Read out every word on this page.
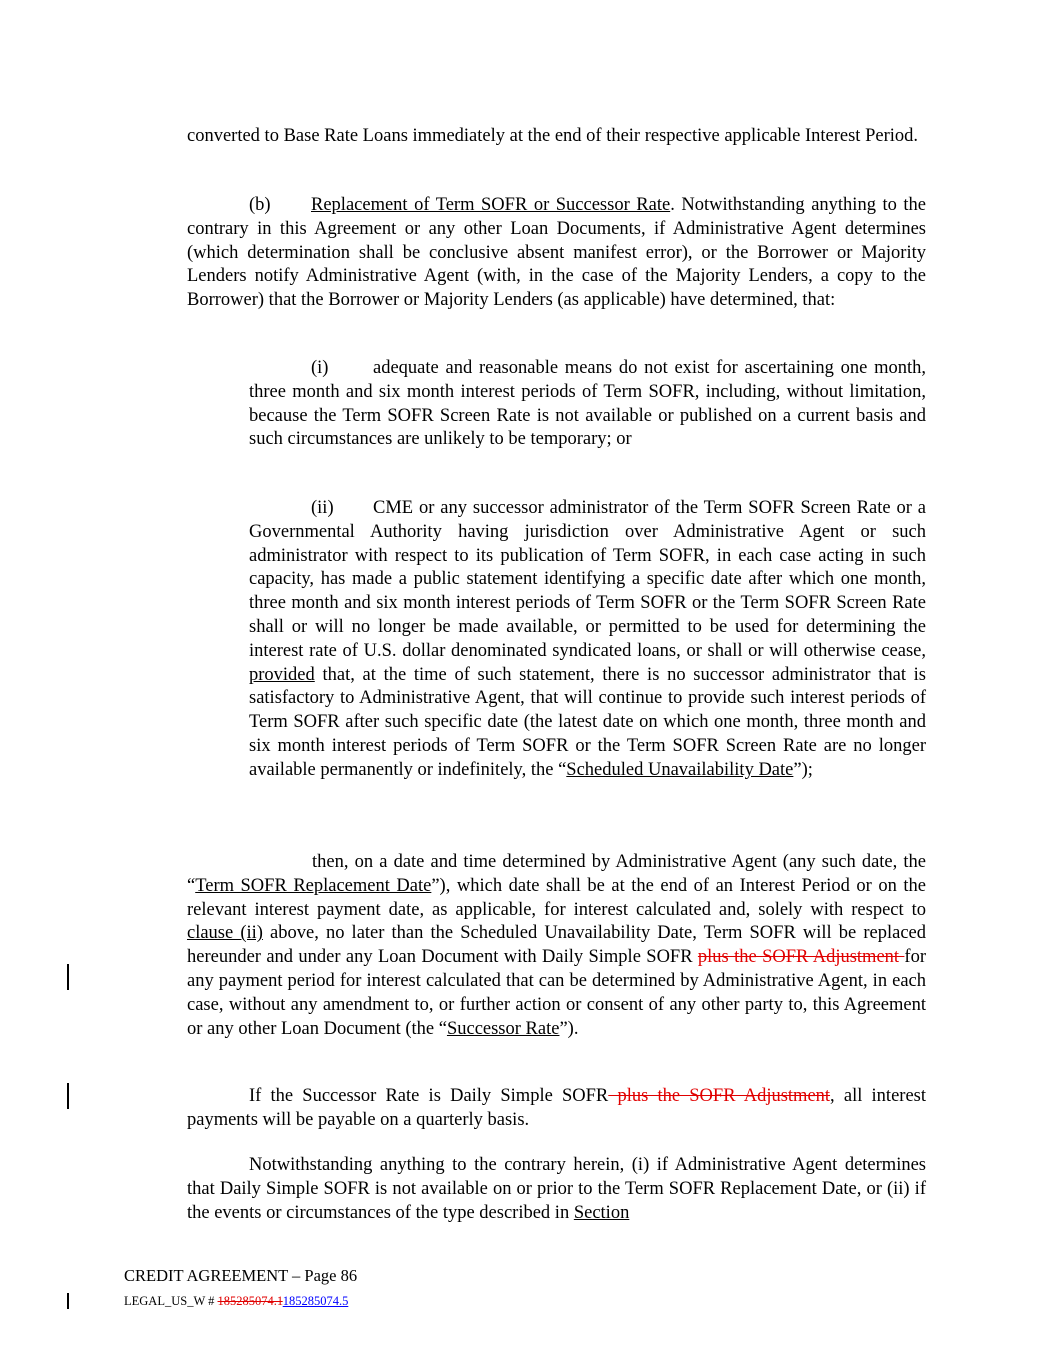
converted to Base Rate Loans immediately at the end of their respective applicable Interest Period.

(b) Replacement of Term SOFR or Successor Rate. Notwithstanding anything to the contrary in this Agreement or any other Loan Documents, if Administrative Agent determines (which determination shall be conclusive absent manifest error), or the Borrower or Majority Lenders notify Administrative Agent (with, in the case of the Majority Lenders, a copy to the Borrower) that the Borrower or Majority Lenders (as applicable) have determined, that:

(i) adequate and reasonable means do not exist for ascertaining one month, three month and six month interest periods of Term SOFR, including, without limitation, because the Term SOFR Screen Rate is not available or published on a current basis and such circumstances are unlikely to be temporary; or

(ii) CME or any successor administrator of the Term SOFR Screen Rate or a Governmental Authority having jurisdiction over Administrative Agent or such administrator with respect to its publication of Term SOFR, in each case acting in such capacity, has made a public statement identifying a specific date after which one month, three month and six month interest periods of Term SOFR or the Term SOFR Screen Rate shall or will no longer be made available, or permitted to be used for determining the interest rate of U.S. dollar denominated syndicated loans, or shall or will otherwise cease, provided that, at the time of such statement, there is no successor administrator that is satisfactory to Administrative Agent, that will continue to provide such interest periods of Term SOFR after such specific date (the latest date on which one month, three month and six month interest periods of Term SOFR or the Term SOFR Screen Rate are no longer available permanently or indefinitely, the “Scheduled Unavailability Date”);

then, on a date and time determined by Administrative Agent (any such date, the “Term SOFR Replacement Date”), which date shall be at the end of an Interest Period or on the relevant interest payment date, as applicable, for interest calculated and, solely with respect to clause (ii) above, no later than the Scheduled Unavailability Date, Term SOFR will be replaced hereunder and under any Loan Document with Daily Simple SOFR plus the SOFR Adjustment for any payment period for interest calculated that can be determined by Administrative Agent, in each case, without any amendment to, or further action or consent of any other party to, this Agreement or any other Loan Document (the “Successor Rate”).

If the Successor Rate is Daily Simple SOFR plus the SOFR Adjustment, all interest payments will be payable on a quarterly basis.

Notwithstanding anything to the contrary herein, (i) if Administrative Agent determines that Daily Simple SOFR is not available on or prior to the Term SOFR Replacement Date, or (ii) if the events or circumstances of the type described in Section

CREDIT AGREEMENT – Page 86
LEGAL_US_W # 185285074.1185285074.5
